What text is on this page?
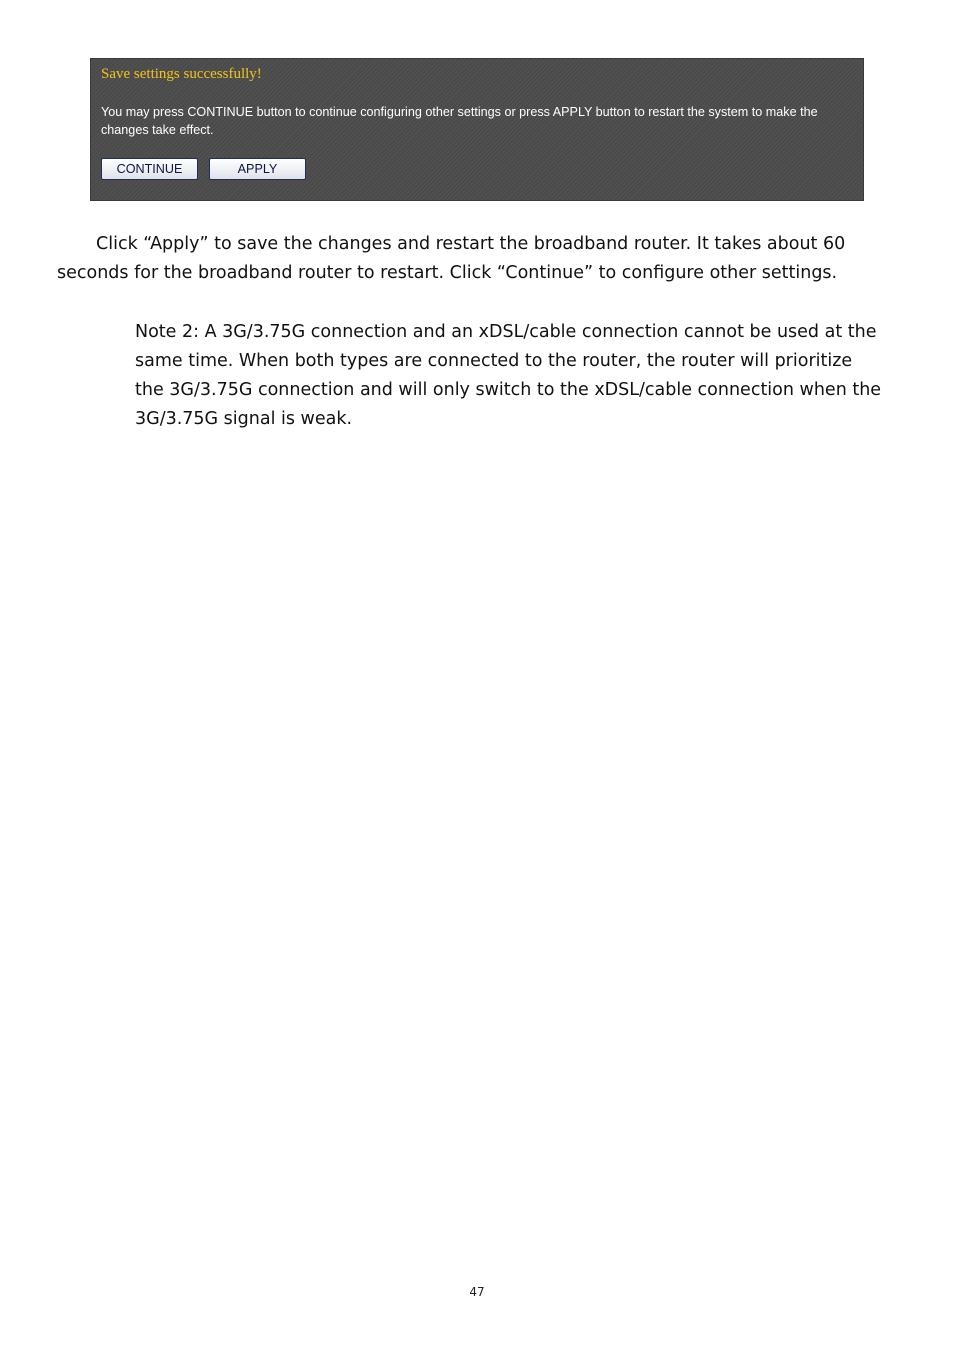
Save settings successfully!
You may press CONTINUE button to continue configuring other settings or press APPLY button to restart the system to make the changes take effect.
CONTINUE	APPLY

Click “Apply” to save the changes and restart the broadband router. It takes about 60 seconds for the broadband router to restart. Click “Continue” to configure other settings.

Note 2: A 3G/3.75G connection and an xDSL/cable connection cannot be used at the same time. When both types are connected to the router, the router will prioritize the 3G/3.75G connection and will only switch to the xDSL/cable connection when the 3G/3.75G signal is weak.

47
